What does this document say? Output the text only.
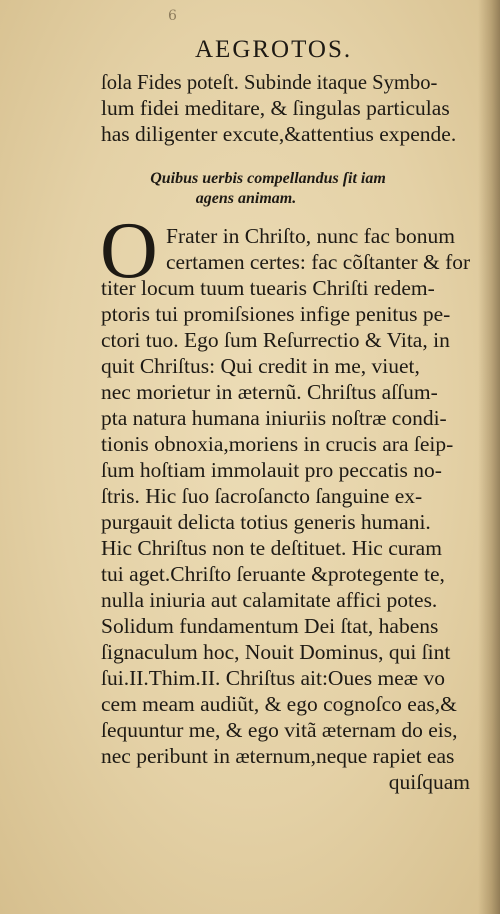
6
AEGROTOS.
ſola Fides poteſt. Subinde itaque Symbo-
lum fidei meditare, & ſingulas particulas
has diligenter excute,&attentius expende.
Quibus uerbis compellandus ſit iam
agens animam.
O Frater in Chriſto, nunc fac bonum
certamen certes: fac cõſtanter & for
titer locum tuum tuearis Chriſti redem-
ptoris tui promiſsiones infige penitus pe-
ctori tuo. Ego ſum Reſurrectio & Vita, in
quit Chriſtus: Qui credit in me, viuet,
nec morietur in æternũ. Chriſtus aſſum-
pta natura humana iniuriis noſtræ condi-
tionis obnoxia,moriens in crucis ara ſeip-
ſum hoſtiam immolauit pro peccatis no-
ſtris. Hic ſuo ſacroſancto ſanguine ex-
purgauit delicta totius generis humani.
Hic Chriſtus non te deſtituet. Hic curam
tui aget.Chriſto ſeruante &protegente te,
nulla iniuria aut calamitate affici potes.
Solidum fundamentum Dei ſtat, habens
ſignaculum hoc, Nouit Dominus, qui ſint
ſui.II.Thim.II. Chriſtus ait:Oues meæ vo
cem meam audiũt, & ego cognoſco eas,&
ſequuntur me, & ego vitã æternam do eis,
nec peribunt in æternum,neque rapiet eas
quiſquam
